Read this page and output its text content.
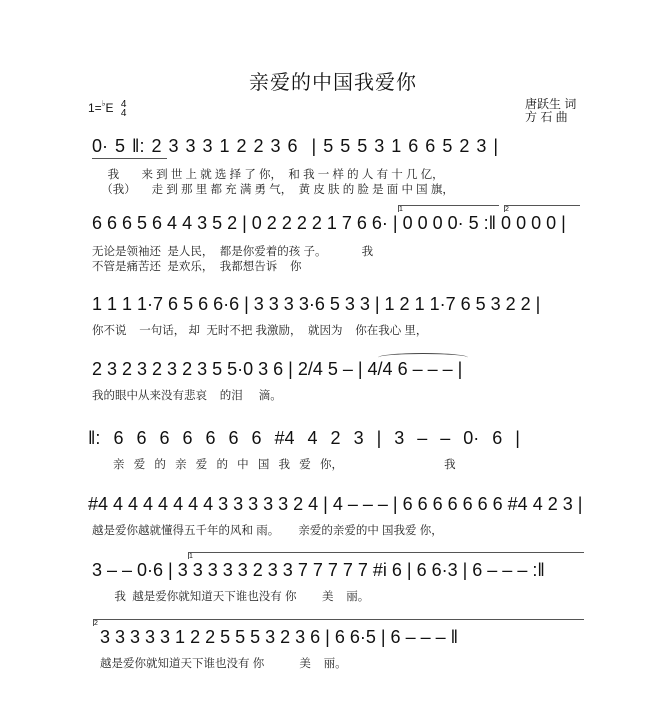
亲爱的中国我爱你
1=♭E 4
4
唐跃生 词
方 石 曲
0· 5 ‖: 2 3 3 3 1 2 2 3 6  | 5 5 5 3 1 6 6 5 2 3 |
我       来 到 世 上 就 选 择 了 你，  和 我 一 样 的 人 有 十 几 亿，
（我）     走 到 那 里 都 充 满 勇 气，  黄 皮 肤 的 脸 是 面 中 国 旗，
1	2
6 6 6 5 6 4 4 3 5 2 | 0 2 2 2 2 1 7 6 6· | 0 0 0 0· 5 :‖ 0 0 0 0 |
无论是领袖还  是人民，  都是你爱着的孩 子。           我
不管是痛苦还  是欢乐，  我都想告诉    你
1 1 1 1·7 6 5 6 6·6 | 3 3 3 3·6 5 3 3 | 1 2 1 1·7 6 5 3 2 2 |
你不说    一句话， 却  无时不把 我激励，  就因为    你在我心 里，
2 3 2 3 2 3 2 3 5 5·0 3 6 | 2/4 5 – | 4/4 6 – – – |
我的眼中从来没有悲哀    的泪     滴。
‖: 6 6 6 6 6 6 6 #4 4 2 3 | 3 – – 0· 6 |
亲 爱 的 亲 爱 的 中 国 我 爱 你，           我
#4 4 4 4 4 4 4 4 3 3 3 3 3 2 4 | 4 – – – | 6 6 6 6 6 6 6 #4 4 2 3 |
越是爱你越就懂得五千年的风和 雨。      亲爱的亲爱的中 国我爱 你，
1
3 – – 0·6 | 3 3 3 3 3 2 3 3 7 7 7 7 7 #i 6 | 6 6·3 | 6 – – – :‖
我  越是爱你就知道天下谁也没有 你        美    丽。
2
3 3 3 3 3 1 2 2 5 5 5 3 2 3 6 | 6 6·5 | 6 – – – ‖
越是爱你就知道天下谁也没有 你           美    丽。
